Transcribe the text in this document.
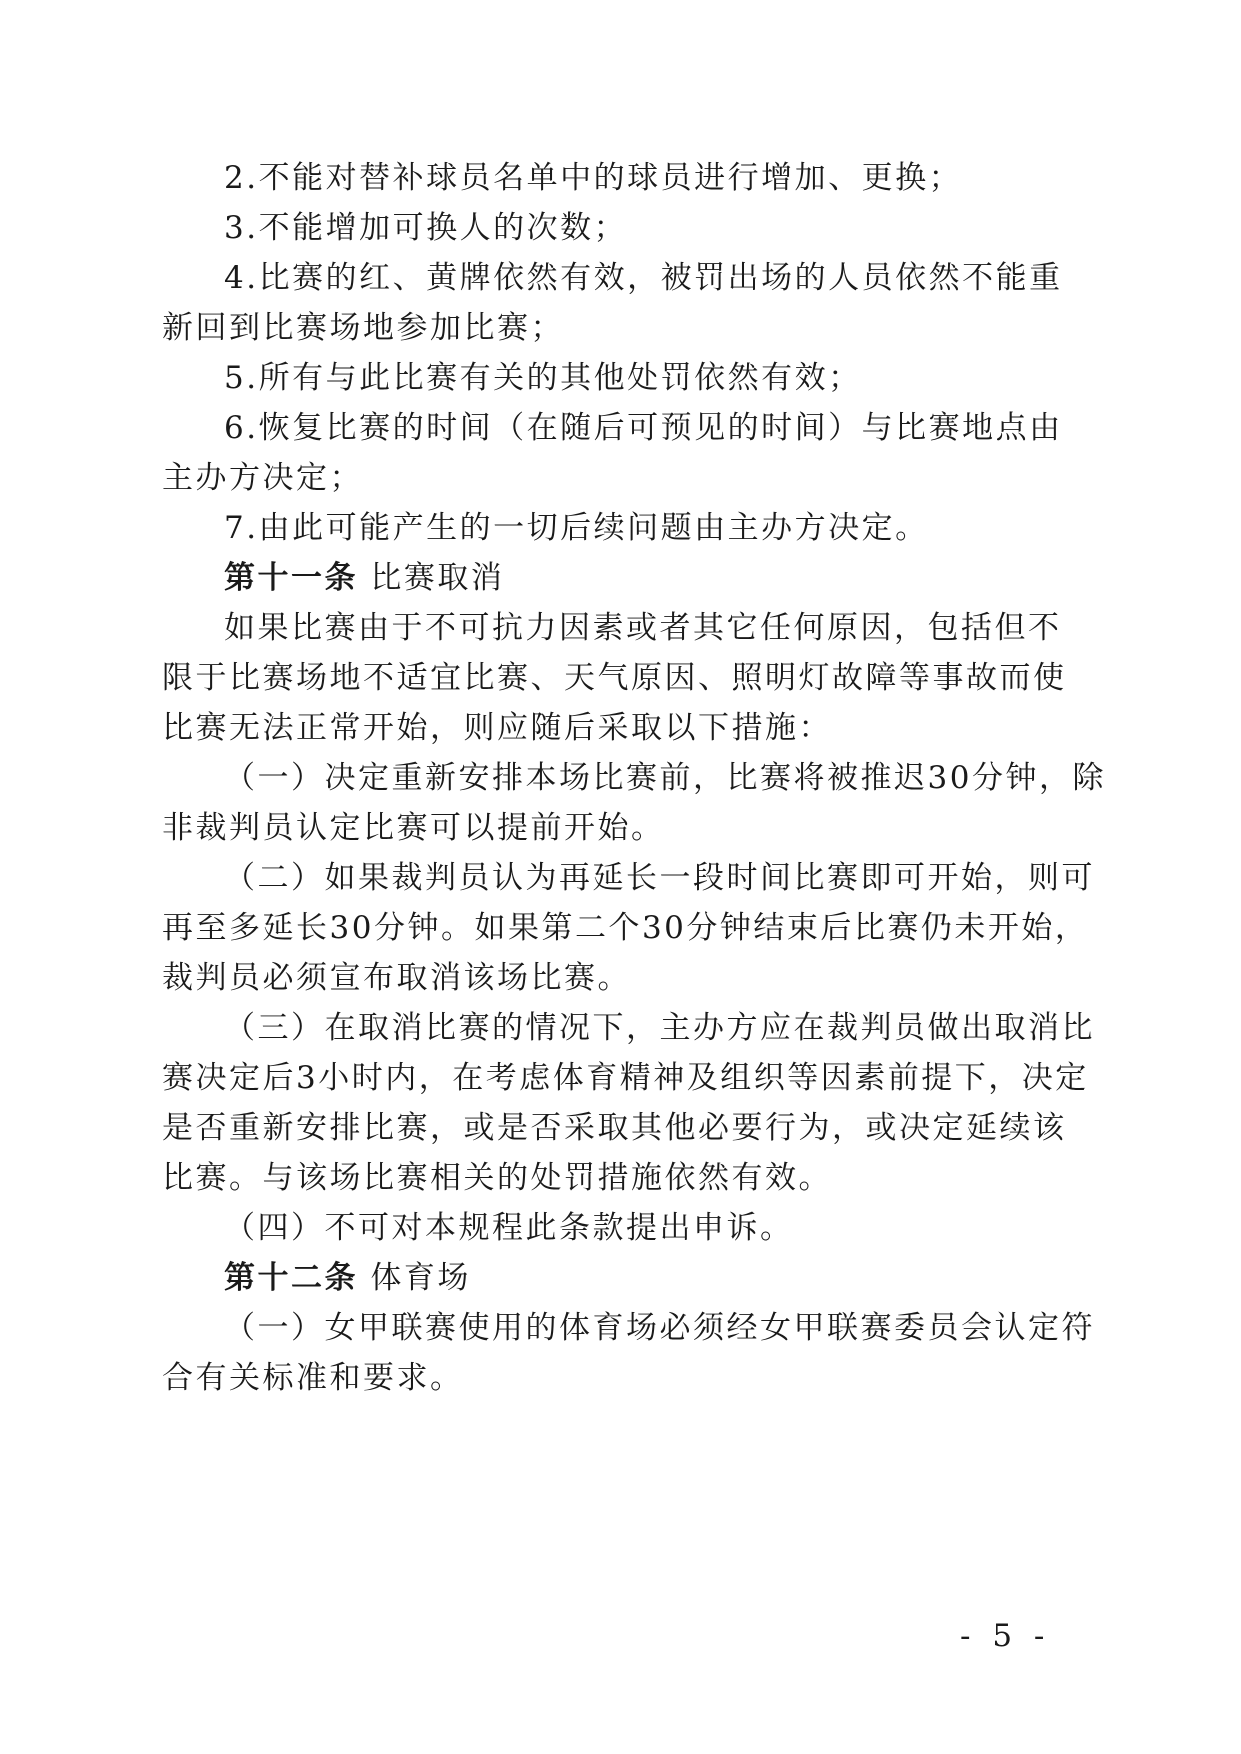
2.不能对替补球员名单中的球员进行增加、更换；
3.不能增加可换人的次数；
4.比赛的红、黄牌依然有效，被罚出场的人员依然不能重
新回到比赛场地参加比赛；
5.所有与此比赛有关的其他处罚依然有效；
6.恢复比赛的时间（在随后可预见的时间）与比赛地点由
主办方决定；
7.由此可能产生的一切后续问题由主办方决定。
第十一条 比赛取消
如果比赛由于不可抗力因素或者其它任何原因，包括但不
限于比赛场地不适宜比赛、天气原因、照明灯故障等事故而使
比赛无法正常开始，则应随后采取以下措施：
（一）决定重新安排本场比赛前，比赛将被推迟30分钟，除
非裁判员认定比赛可以提前开始。
（二）如果裁判员认为再延长一段时间比赛即可开始，则可
再至多延长30分钟。如果第二个30分钟结束后比赛仍未开始，
裁判员必须宣布取消该场比赛。
（三）在取消比赛的情况下，主办方应在裁判员做出取消比
赛决定后3小时内，在考虑体育精神及组织等因素前提下，决定
是否重新安排比赛，或是否采取其他必要行为，或决定延续该
比赛。与该场比赛相关的处罚措施依然有效。
（四）不可对本规程此条款提出申诉。
第十二条 体育场
（一）女甲联赛使用的体育场必须经女甲联赛委员会认定符
合有关标准和要求。
- 5 -
